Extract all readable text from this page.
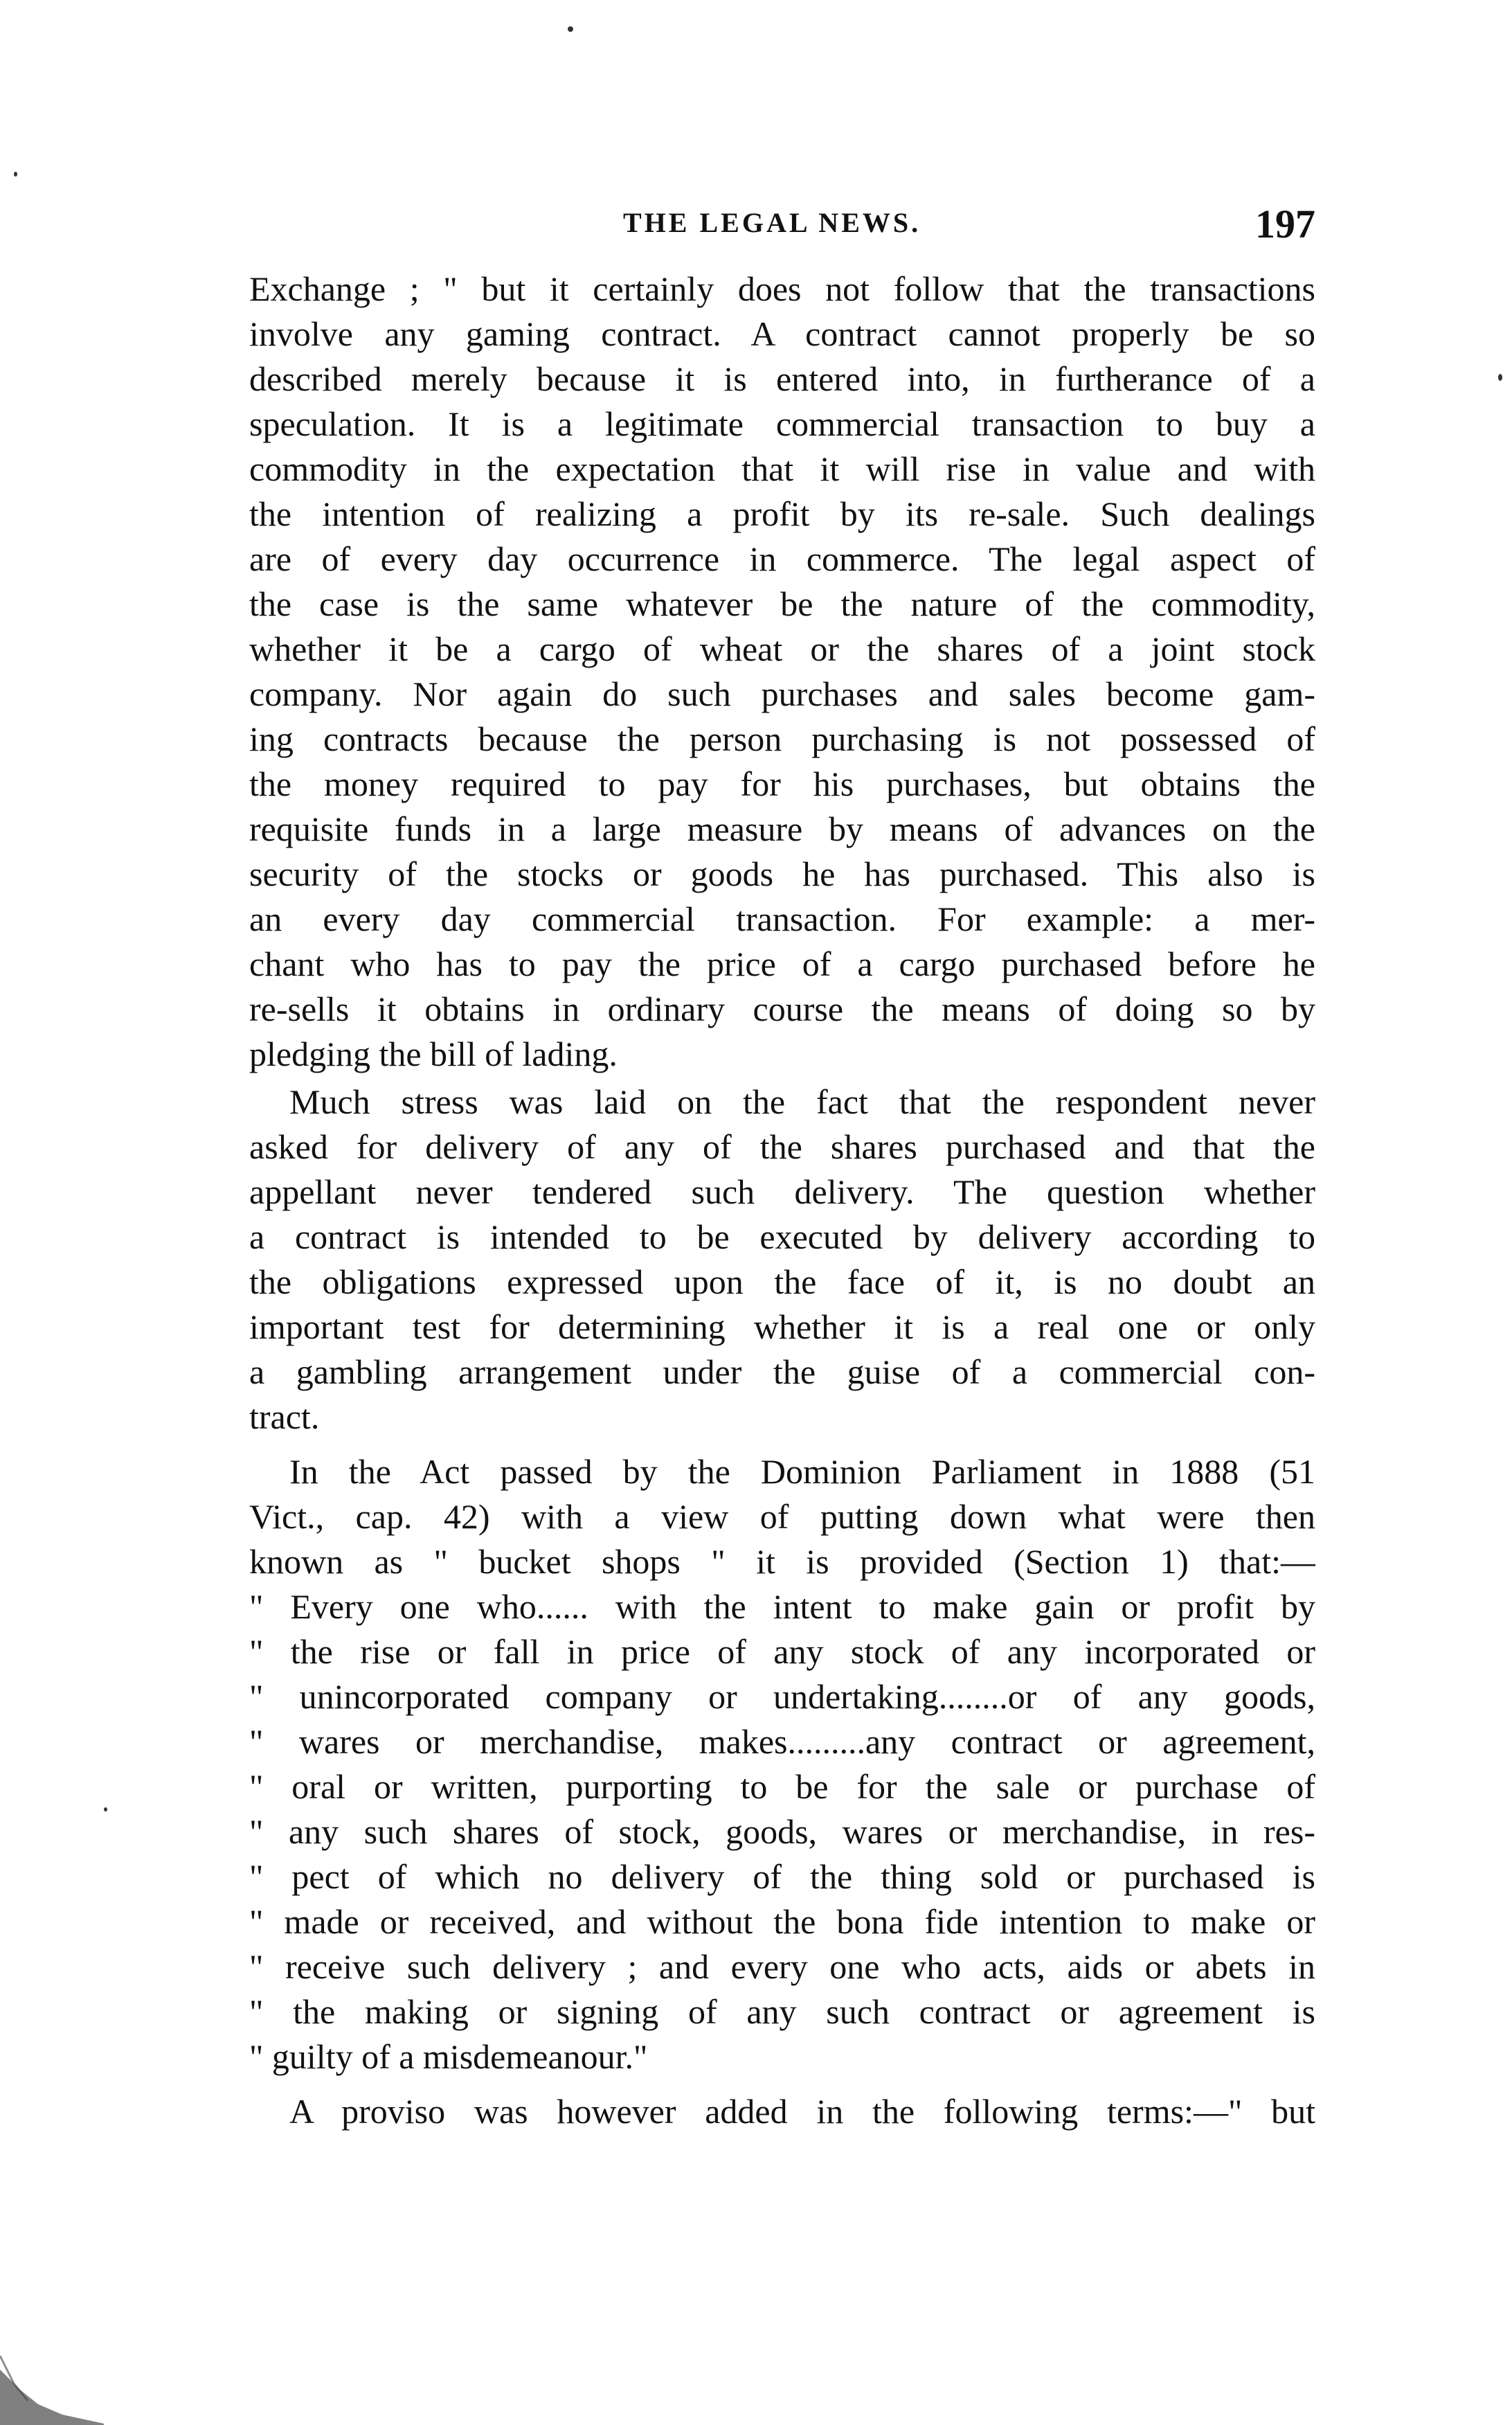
THE LEGAL NEWS.	197
Exchange ; " but it certainly does not follow that the transactions
involve any gaming contract. A contract cannot properly be so
described merely because it is entered into, in furtherance of a
speculation. It is a legitimate commercial transaction to buy a
commodity in the expectation that it will rise in value and with
the intention of realizing a profit by its re-sale. Such dealings
are of every day occurrence in commerce. The legal aspect of
the case is the same whatever be the nature of the commodity,
whether it be a cargo of wheat or the shares of a joint stock
company. Nor again do such purchases and sales become gam-
ing contracts because the person purchasing is not possessed of
the money required to pay for his purchases, but obtains the
requisite funds in a large measure by means of advances on the
security of the stocks or goods he has purchased. This also is
an every day commercial transaction. For example: a mer-
chant who has to pay the price of a cargo purchased before he
re-sells it obtains in ordinary course the means of doing so by
pledging the bill of lading.
Much stress was laid on the fact that the respondent never
asked for delivery of any of the shares purchased and that the
appellant never tendered such delivery. The question whether
a contract is intended to be executed by delivery according to
the obligations expressed upon the face of it, is no doubt an
important test for determining whether it is a real one or only
a gambling arrangement under the guise of a commercial con-
tract.
In the Act passed by the Dominion Parliament in 1888 (51
Vict., cap. 42) with a view of putting down what were then
known as " bucket shops " it is provided (Section 1) that:—
" Every one who...... with the intent to make gain or profit by
" the rise or fall in price of any stock of any incorporated or
" unincorporated company or undertaking........or of any goods,
" wares or merchandise, makes.........any contract or agreement,
" oral or written, purporting to be for the sale or purchase of
" any such shares of stock, goods, wares or merchandise, in res-
" pect of which no delivery of the thing sold or purchased is
" made or received, and without the bona fide intention to make or
" receive such delivery ; and every one who acts, aids or abets in
" the making or signing of any such contract or agreement is
" guilty of a misdemeanour."
A proviso was however added in the following terms:—" but
